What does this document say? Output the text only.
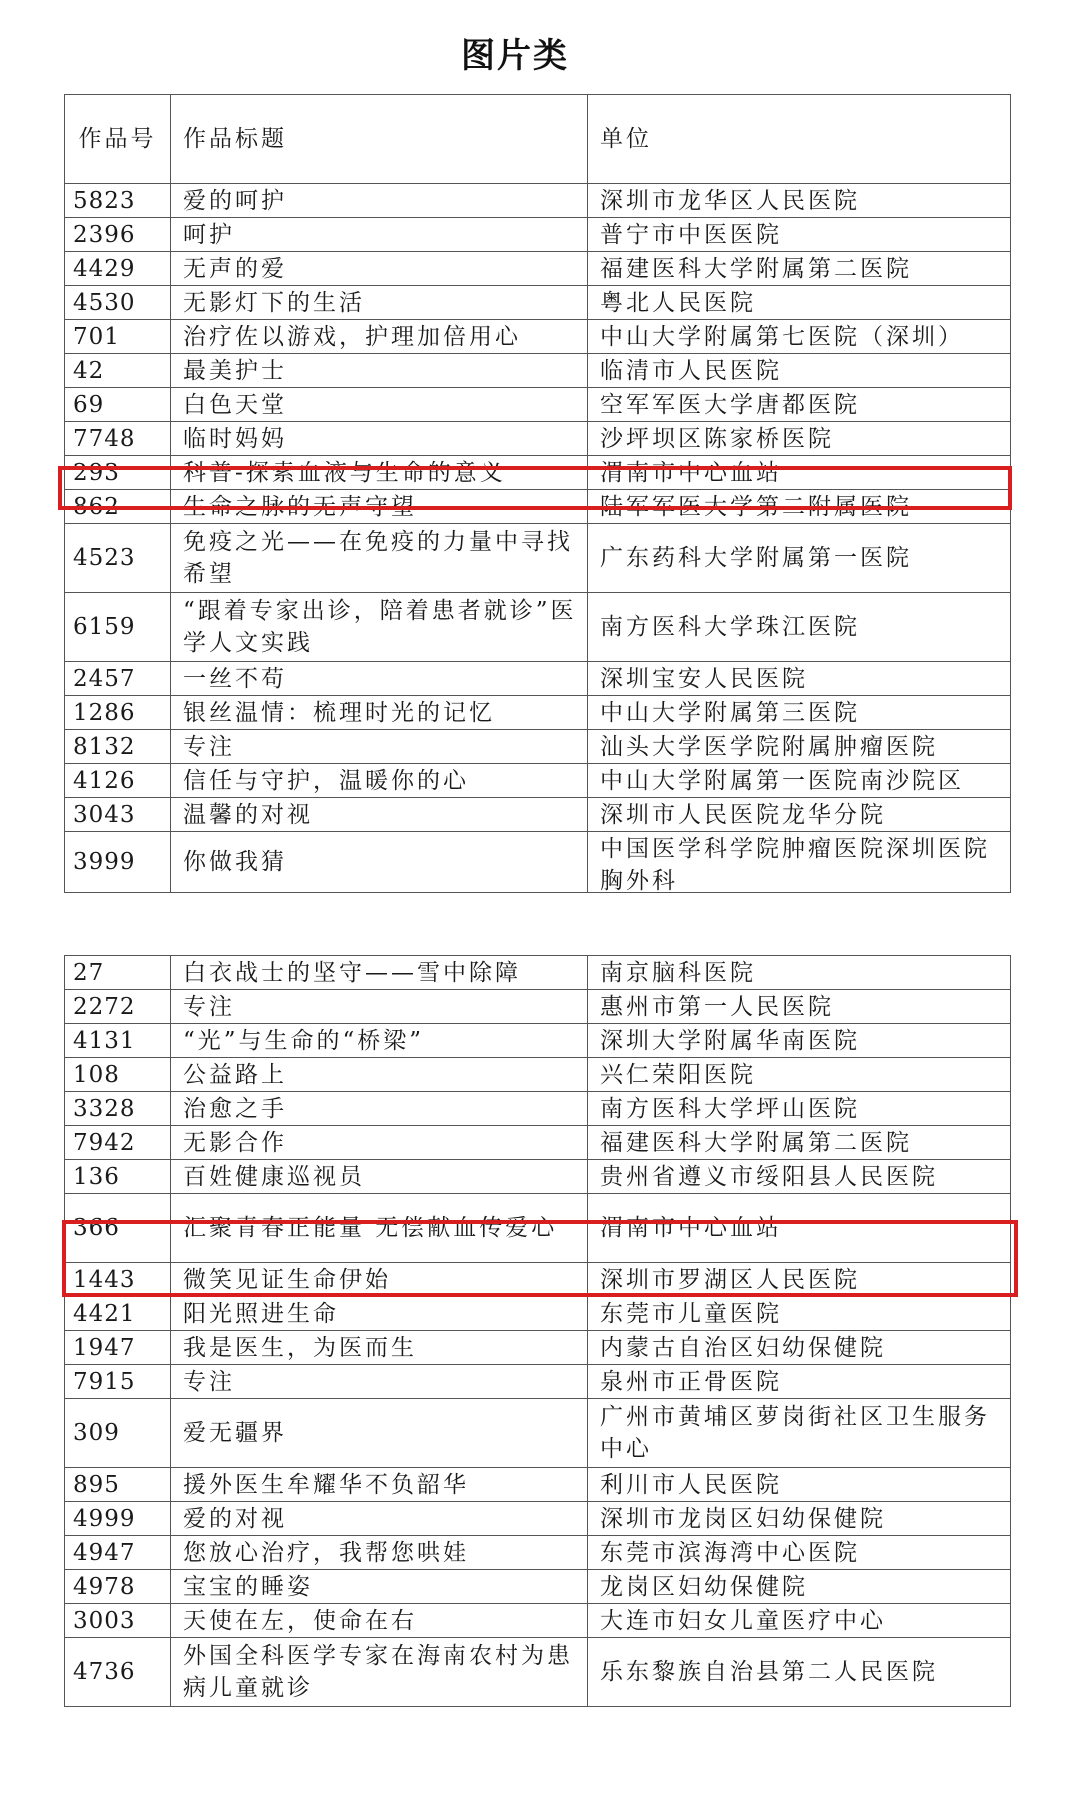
图片类
作品号	作品标题	单位
5823	爱的呵护	深圳市龙华区人民医院
2396	呵护	普宁市中医医院
4429	无声的爱	福建医科大学附属第二医院
4530	无影灯下的生活	粤北人民医院
701	治疗佐以游戏，护理加倍用心	中山大学附属第七医院（深圳）
42	最美护士	临清市人民医院
69	白色天堂	空军军医大学唐都医院
7748	临时妈妈	沙坪坝区陈家桥医院
293	科普-探索血液与生命的意义	渭南市中心血站
862	生命之脉的无声守望	陆军军医大学第二附属医院
4523	免疫之光——在免疫的力量中寻找希望	广东药科大学附属第一医院
6159	“跟着专家出诊，陪着患者就诊”医学人文实践	南方医科大学珠江医院
2457	一丝不苟	深圳宝安人民医院
1286	银丝温情：梳理时光的记忆	中山大学附属第三医院
8132	专注	汕头大学医学院附属肿瘤医院
4126	信任与守护，温暖你的心	中山大学附属第一医院南沙院区
3043	温馨的对视	深圳市人民医院龙华分院
3999	你做我猜	中国医学科学院肿瘤医院深圳医院胸外科
27	白衣战士的坚守——雪中除障	南京脑科医院
2272	专注	惠州市第一人民医院
4131	“光”与生命的“桥梁”	深圳大学附属华南医院
108	公益路上	兴仁荣阳医院
3328	治愈之手	南方医科大学坪山医院
7942	无影合作	福建医科大学附属第二医院
136	百姓健康巡视员	贵州省遵义市绥阳县人民医院
366	汇聚青春正能量 无偿献血传爱心	渭南市中心血站
1443	微笑见证生命伊始	深圳市罗湖区人民医院
4421	阳光照进生命	东莞市儿童医院
1947	我是医生，为医而生	内蒙古自治区妇幼保健院
7915	专注	泉州市正骨医院
309	爱无疆界	广州市黄埔区萝岗街社区卫生服务中心
895	援外医生牟耀华不负韶华	利川市人民医院
4999	爱的对视	深圳市龙岗区妇幼保健院
4947	您放心治疗，我帮您哄娃	东莞市滨海湾中心医院
4978	宝宝的睡姿	龙岗区妇幼保健院
3003	天使在左，使命在右	大连市妇女儿童医疗中心
4736	外国全科医学专家在海南农村为患病儿童就诊	乐东黎族自治县第二人民医院
